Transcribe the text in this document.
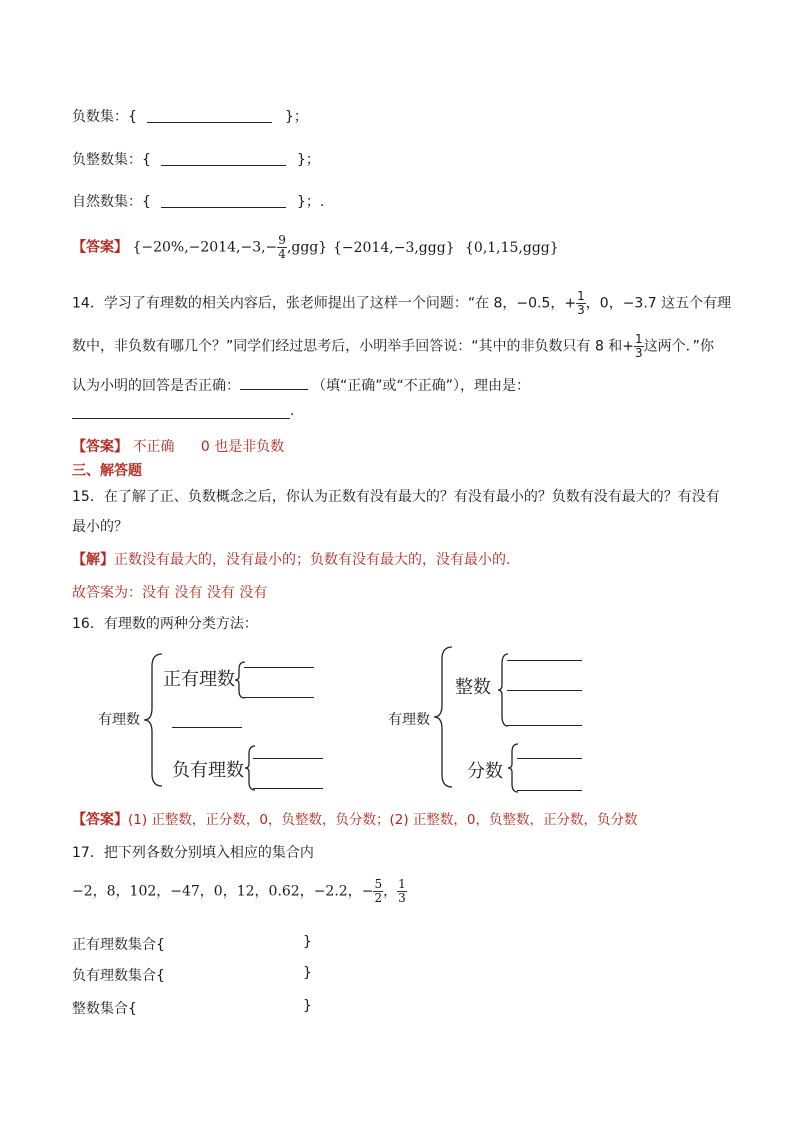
负数集：{	}；
负整数集：{	}；
自然数集：{	}；.
【答案】 $\{-20\%,-2014,-3,- \frac{9}{4} ,ggg\}$ {−2014,−3,ggg} {0,1,15,ggg}
14．学习了有理数的相关内容后，张老师提出了这样一个问题：“在 8，−0.5，+ $\frac{1}{3}$ ，0，−3.7 这五个有理
数中，非负数有哪几个？”同学们经过思考后，小明举手回答说：“其中的非负数只有 8 和+ $\frac{1}{3}$ 这两个．”你
认为小明的回答是否正确：	（填“正确”或“不正确”），理由是：
.
【答案】 不正确 0 也是非负数
三、解答题
15．在了解了正、负数概念之后，你认为正数有没有最大的？有没有最小的？负数有没有最大的？有没有
最小的？
【解】正数没有最大的，没有最小的；负数有没有最大的，没有最小的.
故答案为：没有 没有 没有 没有
16．有理数的两种分类方法：
有理数
正有理数
负有理数
有理数
整数
分数
【答案】(1) 正整数，正分数，0，负整数，负分数；(2) 正整数，0，负整数，正分数，负分数
17．把下列各数分别填入相应的集合内
−2，8，102，−47，0，12，0.62，−2.2，− $\frac{5}{2}$ ， $\frac{1}{3}$
正有理数集合{	}
负有理数集合{	}
整数集合{	}
